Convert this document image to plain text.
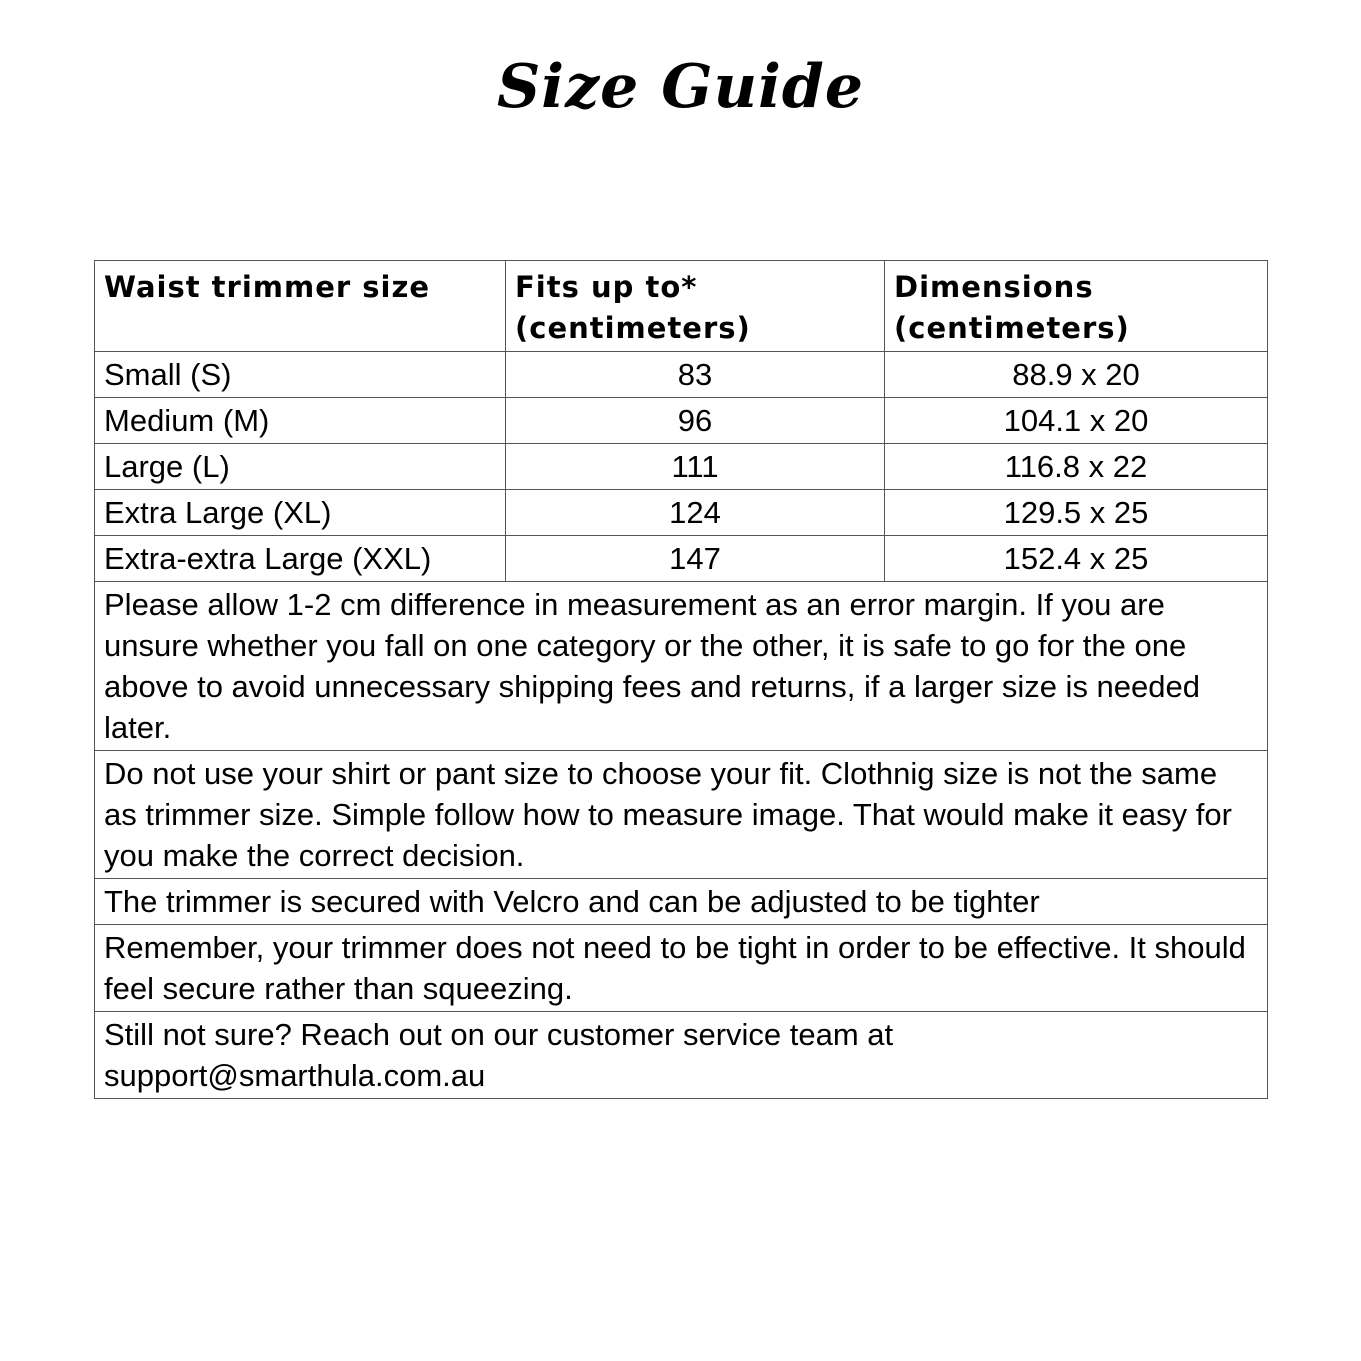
Size Guide
Waist trimmer size	Fits up to* (centimeters)	Dimensions (centimeters)
Small (S)	83	88.9 x 20
Medium (M)	96	104.1 x 20
Large (L)	111	116.8 x 22
Extra Large (XL)	124	129.5 x 25
Extra-extra Large (XXL)	147	152.4 x 25
Please allow 1-2 cm difference in measurement as an error margin. If you are unsure whether you fall on one category or the other, it is safe to go for the one above to avoid unnecessary shipping fees and returns, if a larger size is needed later.		
Do not use your shirt or pant size to choose your fit. Clothnig size is not the same as trimmer size. Simple follow how to measure image. That would make it easy for you make the correct decision.		
The trimmer is secured with Velcro and can be adjusted to be tighter		
Remember, your trimmer does not need to be tight in order to be effective. It should feel secure rather than squeezing.		
Still not sure? Reach out on our customer service team at support@smarthula.com.au		
